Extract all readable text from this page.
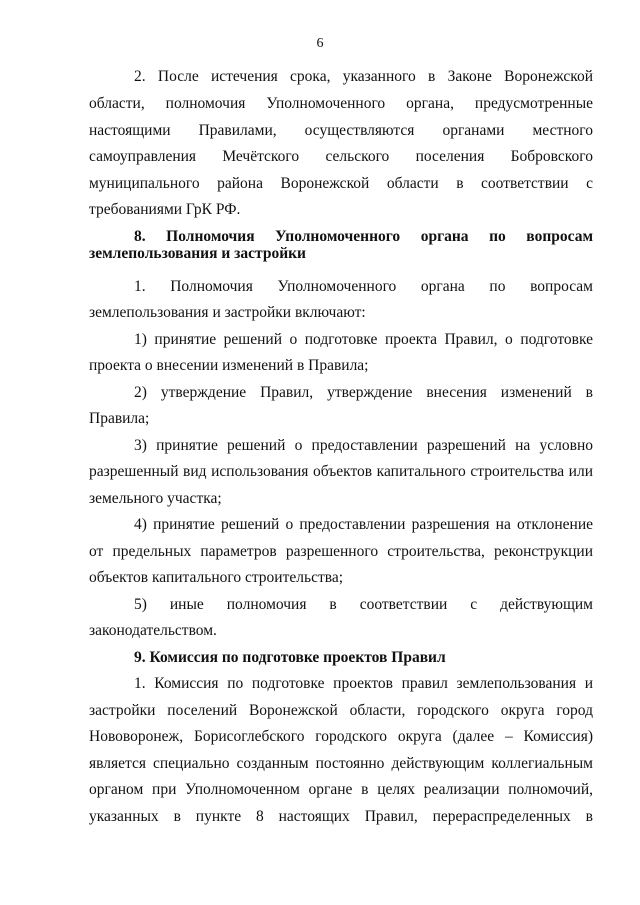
6
2. После истечения срока, указанного в Законе Воронежской
области, полномочия Уполномоченного органа, предусмотренные
настоящими Правилами, осуществляются органами местного
самоуправления Мечётского сельского поселения Бобровского
муниципального района Воронежской области в соответствии с
требованиями ГрК РФ.
8. Полномочия Уполномоченного органа по вопросам
землепользования и застройки
1. Полномочия Уполномоченного органа по вопросам
землепользования и застройки включают:
1) принятие решений о подготовке проекта Правил, о подготовке
проекта о внесении изменений в Правила;
2) утверждение Правил, утверждение внесения изменений в
Правила;
3) принятие решений о предоставлении разрешений на условно
разрешенный вид использования объектов капитального строительства или
земельного участка;
4) принятие решений о предоставлении разрешения на отклонение
от предельных параметров разрешенного строительства, реконструкции
объектов капитального строительства;
5) иные полномочия в соответствии с действующим
законодательством.
9. Комиссия по подготовке проектов Правил
1. Комиссия по подготовке проектов правил землепользования и
застройки поселений Воронежской области, городского округа город
Нововоронеж, Борисоглебского городского округа (далее – Комиссия)
является специально созданным постоянно действующим коллегиальным
органом при Уполномоченном органе в целях реализации полномочий,
указанных в пункте 8 настоящих Правил, перераспределенных в
